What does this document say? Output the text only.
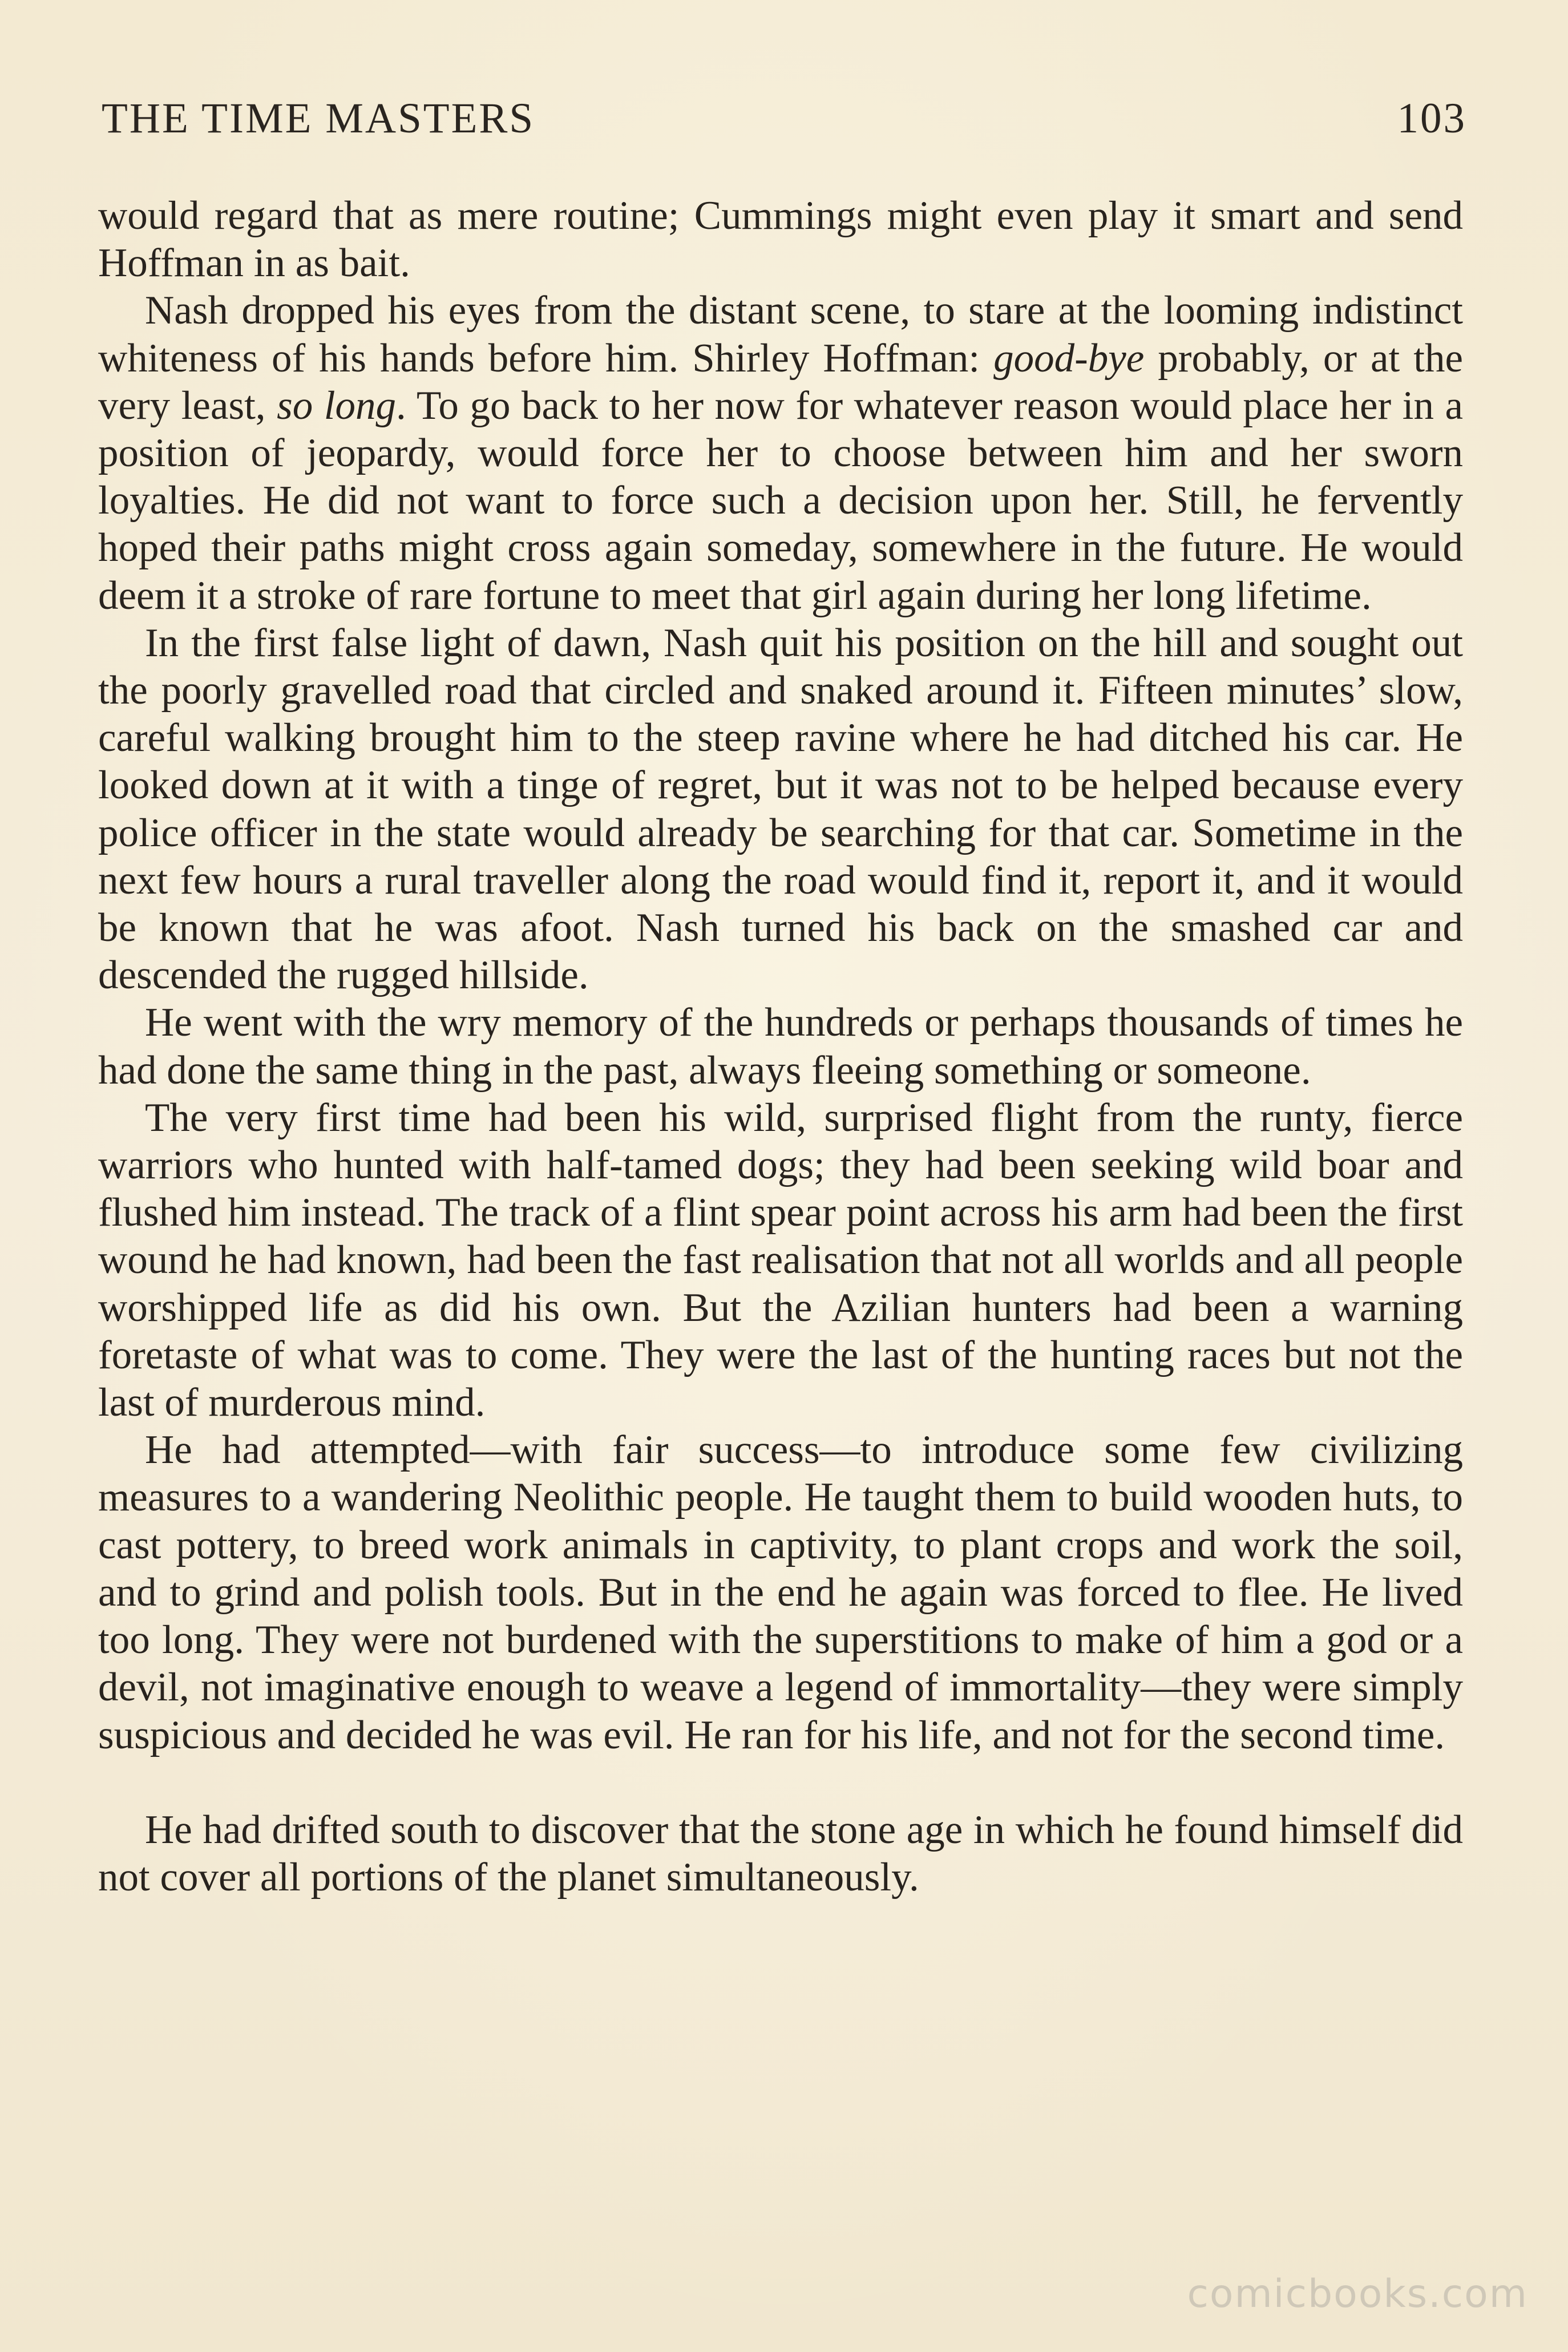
THE TIME MASTERS	103

would regard that as mere routine; Cummings might even play it smart and send Hoffman in as bait.

Nash dropped his eyes from the distant scene, to stare at the looming indistinct whiteness of his hands before him. Shirley Hoffman: good-bye probably, or at the very least, so long. To go back to her now for whatever reason would place her in a position of jeopardy, would force her to choose between him and her sworn loyalties. He did not want to force such a decision upon her. Still, he fervently hoped their paths might cross again someday, somewhere in the future. He would deem it a stroke of rare fortune to meet that girl again during her long lifetime.

In the first false light of dawn, Nash quit his position on the hill and sought out the poorly gravelled road that circled and snaked around it. Fifteen minutes’ slow, careful walking brought him to the steep ravine where he had ditched his car. He looked down at it with a tinge of regret, but it was not to be helped because every police officer in the state would already be searching for that car. Sometime in the next few hours a rural traveller along the road would find it, report it, and it would be known that he was afoot. Nash turned his back on the smashed car and descended the rugged hillside.

He went with the wry memory of the hundreds or perhaps thousands of times he had done the same thing in the past, always fleeing something or someone.

The very first time had been his wild, surprised flight from the runty, fierce warriors who hunted with half-tamed dogs; they had been seeking wild boar and flushed him instead. The track of a flint spear point across his arm had been the first wound he had known, had been the fast realisation that not all worlds and all people worshipped life as did his own. But the Azilian hunters had been a warning foretaste of what was to come. They were the last of the hunting races but not the last of murderous mind.

He had attempted—with fair success—to introduce some few civilizing measures to a wandering Neolithic people. He taught them to build wooden huts, to cast pottery, to breed work animals in captivity, to plant crops and work the soil, and to grind and polish tools. But in the end he again was forced to flee. He lived too long. They were not burdened with the superstitions to make of him a god or a devil, not imaginative enough to weave a legend of immortality—they were simply suspicious and decided he was evil. He ran for his life, and not for the second time.

He had drifted south to discover that the stone age in which he found himself did not cover all portions of the planet simultaneously.

comicbooks.com
